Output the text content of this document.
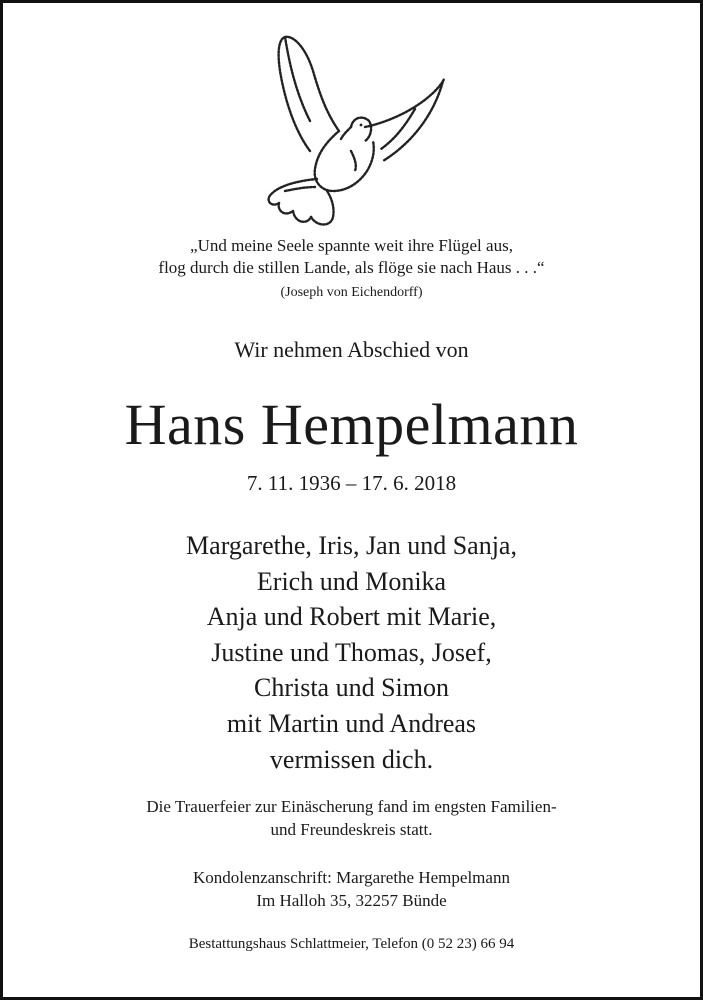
„Und meine Seele spannte weit ihre Flügel aus,
flog durch die stillen Lande, als flöge sie nach Haus . . .“
(Joseph von Eichendorff)
Wir nehmen Abschied von
Hans Hempelmann
7. 11. 1936 – 17. 6. 2018
Margarethe, Iris, Jan und Sanja,
Erich und Monika
Anja und Robert mit Marie,
Justine und Thomas, Josef,
Christa und Simon
mit Martin und Andreas
vermissen dich.
Die Trauerfeier zur Einäscherung fand im engsten Familien-
und Freundeskreis statt.
Kondolenzanschrift: Margarethe Hempelmann
Im Halloh 35, 32257 Bünde
Bestattungshaus Schlattmeier, Telefon (0 52 23) 66 94
